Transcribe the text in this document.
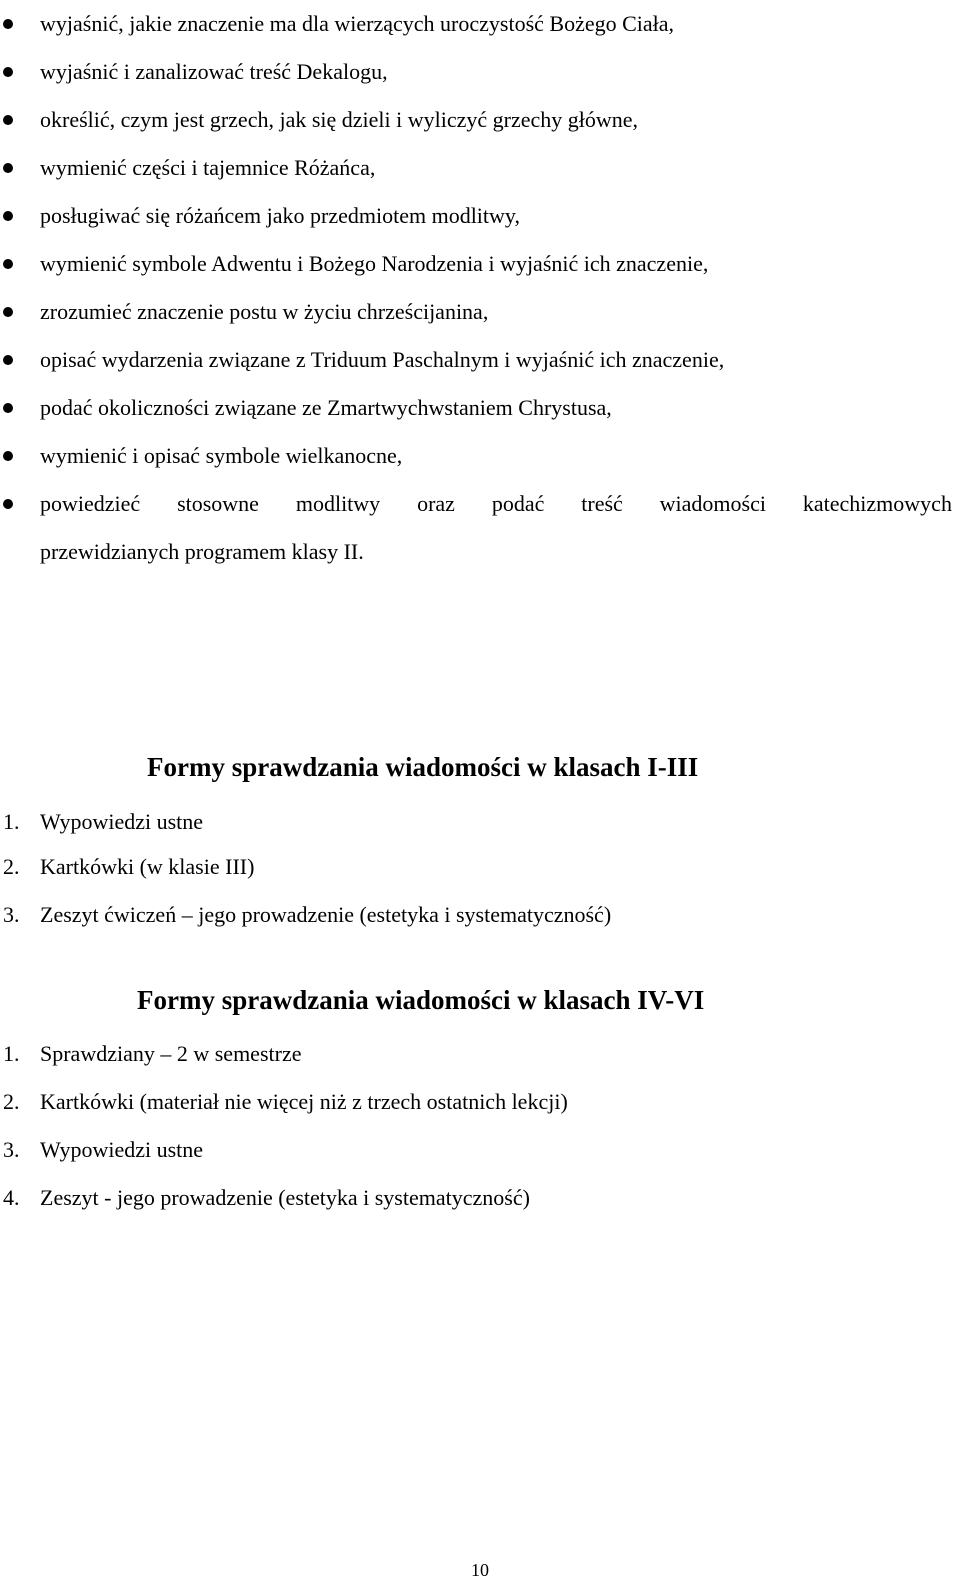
wyjaśnić, jakie znaczenie ma dla wierzących uroczystość Bożego Ciała,
wyjaśnić i zanalizować treść Dekalogu,
określić, czym jest grzech, jak się dzieli i wyliczyć grzechy główne,
wymienić części i tajemnice Różańca,
posługiwać się różańcem jako przedmiotem modlitwy,
wymienić symbole Adwentu i Bożego Narodzenia i wyjaśnić ich znaczenie,
zrozumieć znaczenie postu w życiu chrześcijanina,
opisać wydarzenia związane z Triduum Paschalnym i wyjaśnić ich znaczenie,
podać okoliczności związane ze Zmartwychwstaniem Chrystusa,
wymienić i opisać symbole wielkanocne,
powiedzieć stosowne modlitwy oraz podać treść wiadomości katechizmowych
przewidzianych programem klasy II.
Formy sprawdzania wiadomości w klasach I-III
1. Wypowiedzi ustne
2. Kartkówki (w klasie III)
3. Zeszyt ćwiczeń – jego prowadzenie (estetyka i systematyczność)
Formy sprawdzania wiadomości w klasach IV-VI
1. Sprawdziany – 2 w semestrze
2. Kartkówki (materiał nie więcej niż z trzech ostatnich lekcji)
3. Wypowiedzi ustne
4. Zeszyt - jego prowadzenie (estetyka i systematyczność)
10
